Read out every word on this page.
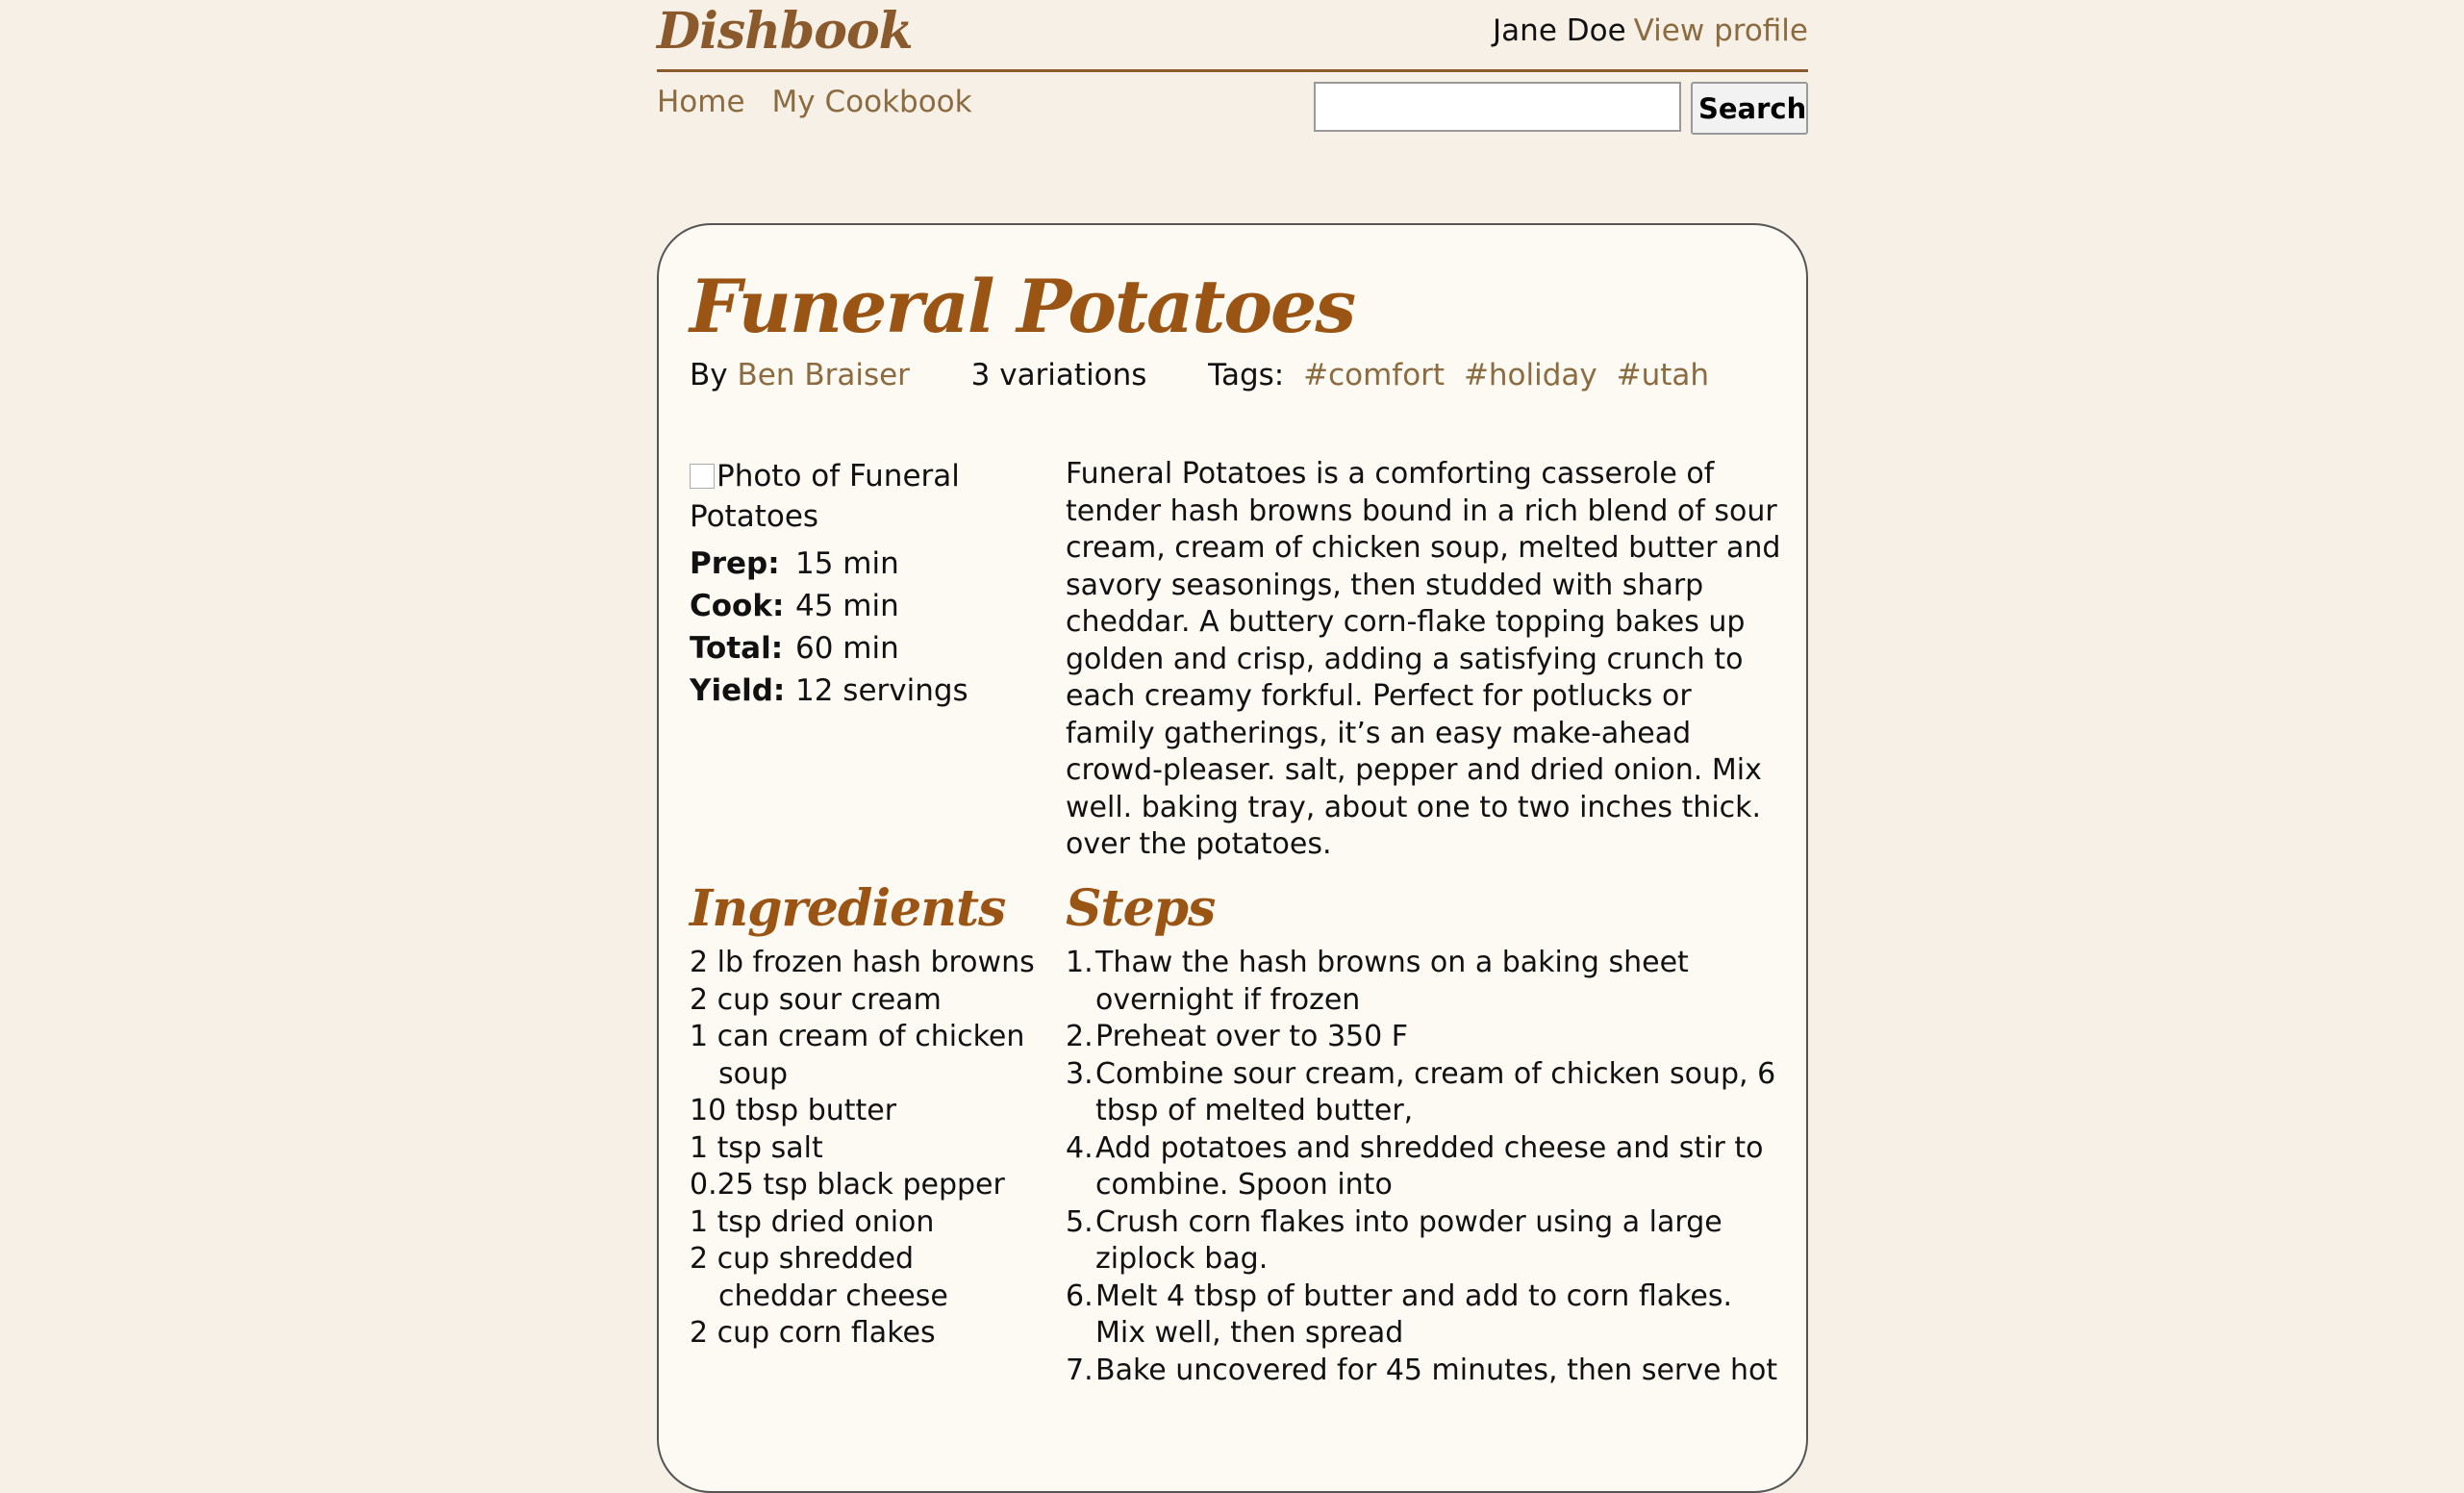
Dishbook	Jane Doe View profile
Home My Cookbook	Search
Funeral Potatoes
By Ben Braiser 3 variations Tags: #comfort #holiday #utah
Photo of Funeral Potatoes
Prep:	15 min
Cook:	45 min
Total:	60 min
Yield:	12 servings

Funeral Potatoes is a comforting casserole of tender hash browns bound in a rich blend of sour cream, cream of chicken soup, melted butter and savory seasonings, then studded with sharp cheddar. A buttery corn-flake topping bakes up golden and crisp, adding a satisfying crunch to each creamy forkful. Perfect for potlucks or family gatherings, it’s an easy make-ahead crowd-pleaser. salt, pepper and dried onion. Mix well. baking tray, about one to two inches thick. over the potatoes.

Ingredients
2 lb frozen hash browns
2 cup sour cream
1 can cream of chicken soup
10 tbsp butter
1 tsp salt
0.25 tsp black pepper
1 tsp dried onion
2 cup shredded cheddar cheese
2 cup corn flakes
Steps
1. Thaw the hash browns on a baking sheet overnight if frozen
2. Preheat over to 350 F
3. Combine sour cream, cream of chicken soup, 6 tbsp of melted butter,
4. Add potatoes and shredded cheese and stir to combine. Spoon into
5. Crush corn flakes into powder using a large ziplock bag.
6. Melt 4 tbsp of butter and add to corn flakes. Mix well, then spread
7. Bake uncovered for 45 minutes, then serve hot
